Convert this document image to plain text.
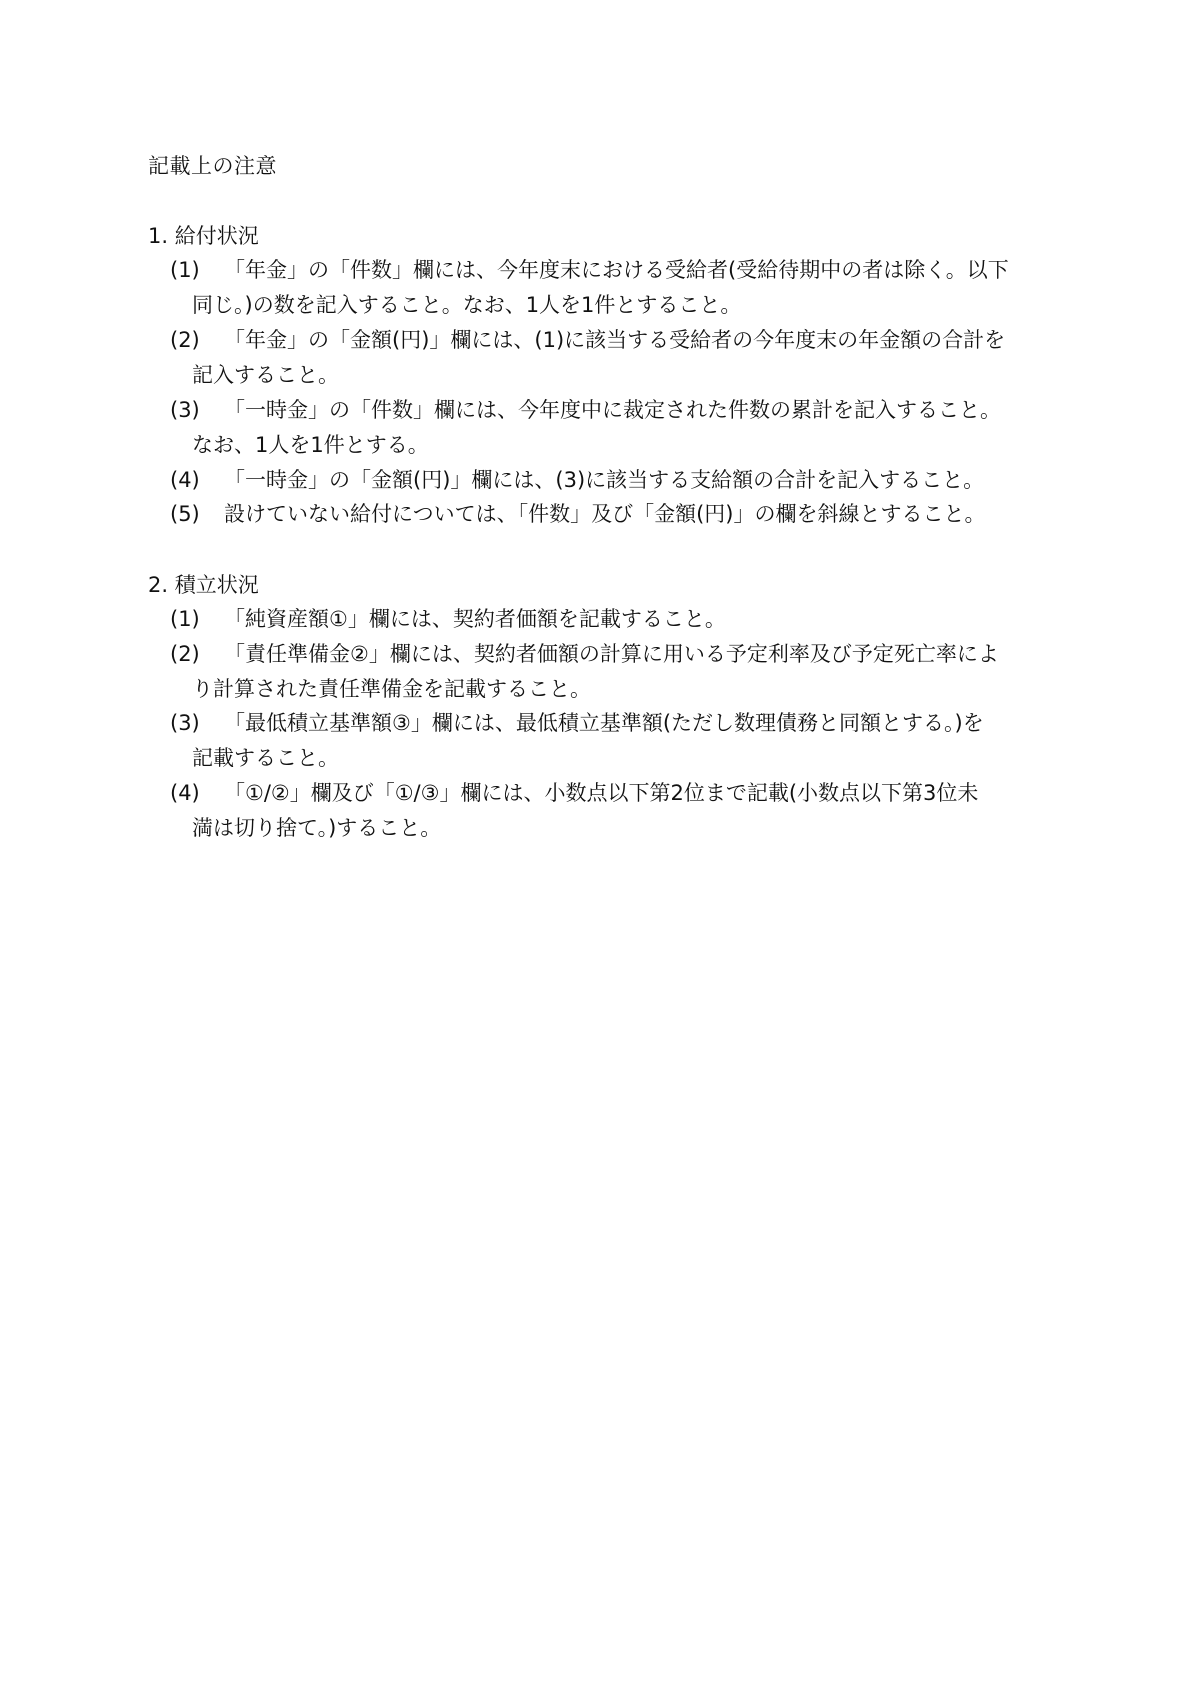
記載上の注意
1. 給付状況
(1)	「年金」の「件数」欄には、今年度末における受給者(受給待期中の者は除く。以下
同じ。)の数を記入すること。なお、1人を1件とすること。
(2)	「年金」の「金額(円)」欄には、(1)に該当する受給者の今年度末の年金額の合計を
記入すること。
(3)	「一時金」の「件数」欄には、今年度中に裁定された件数の累計を記入すること。
なお、1人を1件とする。
(4)	「一時金」の「金額(円)」欄には、(3)に該当する支給額の合計を記入すること。
(5)	設けていない給付については、「件数」及び「金額(円)」の欄を斜線とすること。
2. 積立状況
(1)	「純資産額①」欄には、契約者価額を記載すること。
(2)	「責任準備金②」欄には、契約者価額の計算に用いる予定利率及び予定死亡率によ
り計算された責任準備金を記載すること。
(3)	「最低積立基準額③」欄には、最低積立基準額(ただし数理債務と同額とする。)を
記載すること。
(4)	「①/②」欄及び「①/③」欄には、小数点以下第2位まで記載(小数点以下第3位未
満は切り捨て。)すること。
